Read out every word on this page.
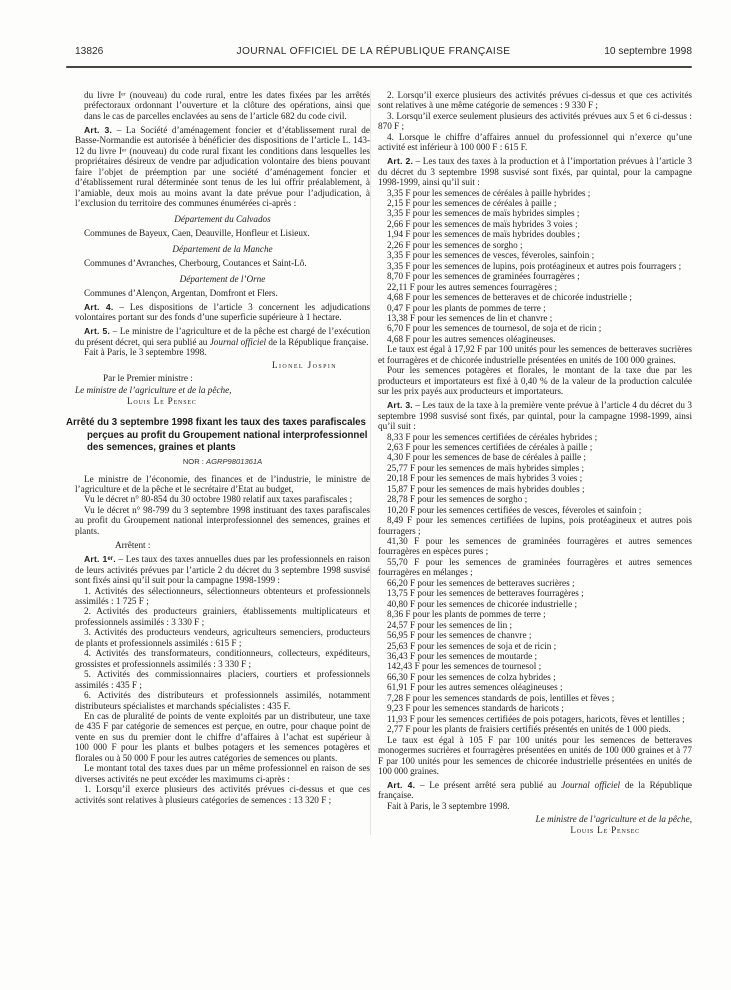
13826	JOURNAL OFFICIEL DE LA RÉPUBLIQUE FRANÇAISE	10 septembre 1998

du livre Iᵉʳ (nouveau) du code rural, entre les dates fixées par les arrêtés préfectoraux ordonnant l’ouverture et la clôture des opérations, ainsi que dans le cas de parcelles enclavées au sens de l’article 682 du code civil.

Art. 3. – La Société d’aménagement foncier et d’établissement rural de Basse-Normandie est autorisée à bénéficier des dispositions de l’article L. 143-12 du livre Iᵉʳ (nouveau) du code rural fixant les conditions dans lesquelles les propriétaires désireux de vendre par adjudication volontaire des biens pouvant faire l’objet de préemption par une société d’aménagement foncier et d’établissement rural déterminée sont tenus de les lui offrir préalablement, à l’amiable, deux mois au moins avant la date prévue pour l’adjudication, à l’exclusion du territoire des communes énumérées ci-après :

Département du Calvados

Communes de Bayeux, Caen, Deauville, Honfleur et Lisieux.

Département de la Manche

Communes d’Avranches, Cherbourg, Coutances et Saint-Lô.

Département de l’Orne

Communes d’Alençon, Argentan, Domfront et Flers.

Art. 4. – Les dispositions de l’article 3 concernent les adjudications volontaires portant sur des fonds d’une superficie supérieure à 1 hectare.

Art. 5. – Le ministre de l’agriculture et de la pêche est chargé de l’exécution du présent décret, qui sera publié au Journal officiel de la République française.

Fait à Paris, le 3 septembre 1998.

Lionel Jospin

Par le Premier ministre :

Le ministre de l’agriculture et de la pêche,

Louis Le Pensec

Arrêté du 3 septembre 1998 fixant les taux des taxes parafiscales perçues au profit du Groupement national interprofessionnel des semences, graines et plants

NOR : AGRP9801361A

Le ministre de l’économie, des finances et de l’industrie, le ministre de l’agriculture et de la pêche et le secrétaire d’Etat au budget,

Vu le décret n° 80-854 du 30 octobre 1980 relatif aux taxes parafiscales ;

Vu le décret n° 98-799 du 3 septembre 1998 instituant des taxes parafiscales au profit du Groupement national interprofessionnel des semences, graines et plants.

Arrêtent :

Art. 1ᵉʳ. – Les taux des taxes annuelles dues par les professionnels en raison de leurs activités prévues par l’article 2 du décret du 3 septembre 1998 susvisé sont fixés ainsi qu’il suit pour la campagne 1998-1999 :

1. Activités des sélectionneurs, sélectionneurs obtenteurs et professionnels assimilés : 1 725 F ;

2. Activités des producteurs grainiers, établissements multiplicateurs et professionnels assimilés : 3 330 F ;

3. Activités des producteurs vendeurs, agriculteurs semenciers, producteurs de plants et professionnels assimilés : 615 F ;

4. Activités des transformateurs, conditionneurs, collecteurs, expéditeurs, grossistes et professionnels assimilés : 3 330 F ;

5. Activités des commissionnaires placiers, courtiers et professionnels assimilés : 435 F ;

6. Activités des distributeurs et professionnels assimilés, notamment distributeurs spécialistes et marchands spécialistes : 435 F.

En cas de pluralité de points de vente exploités par un distributeur, une taxe de 435 F par catégorie de semences est perçue, en outre, pour chaque point de vente en sus du premier dont le chiffre d’affaires à l’achat est supérieur à 100 000 F pour les plants et bulbes potagers et les semences potagères et florales ou à 50 000 F pour les autres catégories de semences ou plants.

Le montant total des taxes dues par un même professionnel en raison de ses diverses activités ne peut excéder les maximums ci-après :

1. Lorsqu’il exerce plusieurs des activités prévues ci-dessus et que ces activités sont relatives à plusieurs catégories de semences : 13 320 F ;

2. Lorsqu’il exerce plusieurs des activités prévues ci-dessus et que ces activités sont relatives à une même catégorie de semences : 9 330 F ;

3. Lorsqu’il exerce seulement plusieurs des activités prévues aux 5 et 6 ci-dessus : 870 F ;

4. Lorsque le chiffre d’affaires annuel du professionnel qui n’exerce qu’une activité est inférieur à 100 000 F : 615 F.

Art. 2. – Les taux des taxes à la production et à l’importation prévues à l’article 3 du décret du 3 septembre 1998 susvisé sont fixés, par quintal, pour la campagne 1998-1999, ainsi qu’il suit :

3,35 F pour les semences de céréales à paille hybrides ;

2,15 F pour les semences de céréales à paille ;

3,35 F pour les semences de maïs hybrides simples ;

2,66 F pour les semences de maïs hybrides 3 voies ;

1,94 F pour les semences de maïs hybrides doubles ;

2,26 F pour les semences de sorgho ;

3,35 F pour les semences de vesces, féveroles, sainfoin ;

3,35 F pour les semences de lupins, pois protéagineux et autres pois fourragers ;

8,70 F pour les semences de graminées fourragères ;

22,11 F pour les autres semences fourragères ;

4,68 F pour les semences de betteraves et de chicorée industrielle ;

0,47 F pour les plants de pommes de terre ;

13,38 F pour les semences de lin et chanvre ;

6,70 F pour les semences de tournesol, de soja et de ricin ;

4,68 F pour les autres semences oléagineuses.

Le taux est égal à 17,92 F par 100 unités pour les semences de betteraves sucrières et fourragères et de chicorée industrielle présentées en unités de 100 000 graines.

Pour les semences potagères et florales, le montant de la taxe due par les producteurs et importateurs est fixé à 0,40 % de la valeur de la production calculée sur les prix payés aux producteurs et importateurs.

Art. 3. – Les taux de la taxe à la première vente prévue à l’article 4 du décret du 3 septembre 1998 susvisé sont fixés, par quintal, pour la campagne 1998-1999, ainsi qu’il suit :

8,33 F pour les semences certifiées de céréales hybrides ;

2,63 F pour les semences certifiées de céréales à paille ;

4,30 F pour les semences de base de céréales à paille ;

25,77 F pour les semences de maïs hybrides simples ;

20,18 F pour les semences de maïs hybrides 3 voies ;

15,87 F pour les semences de maïs hybrides doubles ;

28,78 F pour les semences de sorgho ;

10,20 F pour les semences certifiées de vesces, féveroles et sainfoin ;

8,49 F pour les semences certifiées de lupins, pois protéagineux et autres pois fourragers ;

41,30 F pour les semences de graminées fourragères et autres semences fourragères en espèces pures ;

55,70 F pour les semences de graminées fourragères et autres semences fourragères en mélanges ;

66,20 F pour les semences de betteraves sucrières ;

13,75 F pour les semences de betteraves fourragères ;

40,80 F pour les semences de chicorée industrielle ;

8,36 F pour les plants de pommes de terre ;

24,57 F pour les semences de lin ;

56,95 F pour les semences de chanvre ;

25,63 F pour les semences de soja et de ricin ;

36,43 F pour les semences de moutarde ;

142,43 F pour les semences de tournesol ;

66,30 F pour les semences de colza hybrides ;

61,91 F pour les autres semences oléagineuses ;

7,28 F pour les semences standards de pois, lentilles et fèves ;

9,23 F pour les semences standards de haricots ;

11,93 F pour les semences certifiées de pois potagers, haricots, fèves et lentilles ;

2,77 F pour les plants de fraisiers certifiés présentés en unités de 1 000 pieds.

Le taux est égal à 105 F par 100 unités pour les semences de betteraves monogermes sucrières et fourragères présentées en unités de 100 000 graines et à 77 F par 100 unités pour les semences de chicorée industrielle présentées en unités de 100 000 graines.

Art. 4. – Le présent arrêté sera publié au Journal officiel de la République française.

Fait à Paris, le 3 septembre 1998.

Le ministre de l’agriculture et de la pêche,

Louis Le Pensec
